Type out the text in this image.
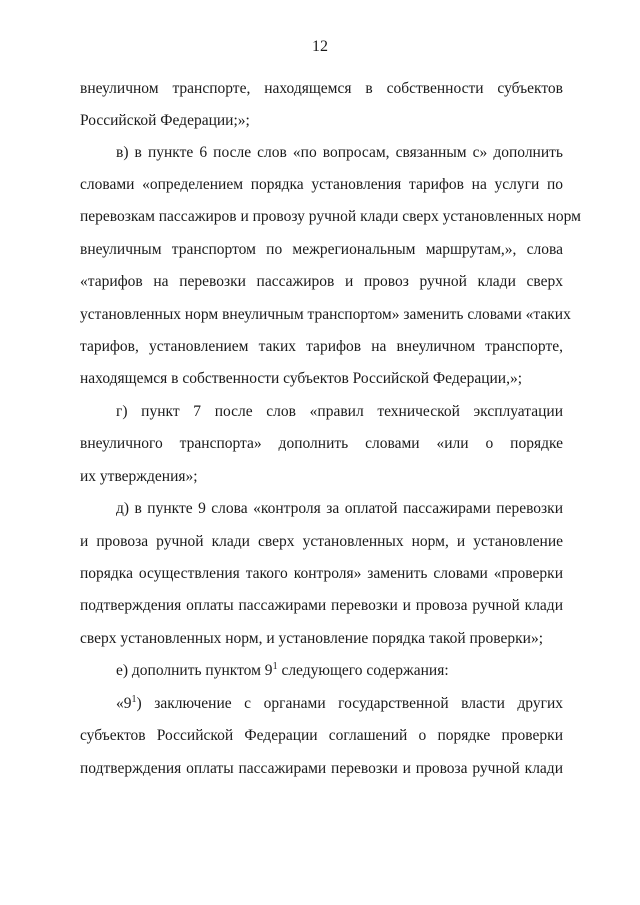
12
внеуличном транспорте, находящемся в собственности субъектов
Российской Федерации;»;
в) в пункте 6 после слов «по вопросам, связанным с» дополнить
словами «определением порядка установления тарифов на услуги по
перевозкам пассажиров и провозу ручной клади сверх установленных норм
внеуличным транспортом по межрегиональным маршрутам,», слова
«тарифов на перевозки пассажиров и провоз ручной клади сверх
установленных норм внеуличным транспортом» заменить словами «таких
тарифов, установлением таких тарифов на внеуличном транспорте,
находящемся в собственности субъектов Российской Федерации,»;
г) пункт 7 после слов «правил технической эксплуатации
внеуличного транспорта» дополнить словами «или о порядке
их утверждения»;
д) в пункте 9 слова «контроля за оплатой пассажирами перевозки
и провоза ручной клади сверх установленных норм, и установление
порядка осуществления такого контроля» заменить словами «проверки
подтверждения оплаты пассажирами перевозки и провоза ручной клади
сверх установленных норм, и установление порядка такой проверки»;
е) дополнить пунктом $9^1$ следующего содержания:
«$9^1$) заключение с органами государственной власти других
субъектов Российской Федерации соглашений о порядке проверки
подтверждения оплаты пассажирами перевозки и провоза ручной клади
